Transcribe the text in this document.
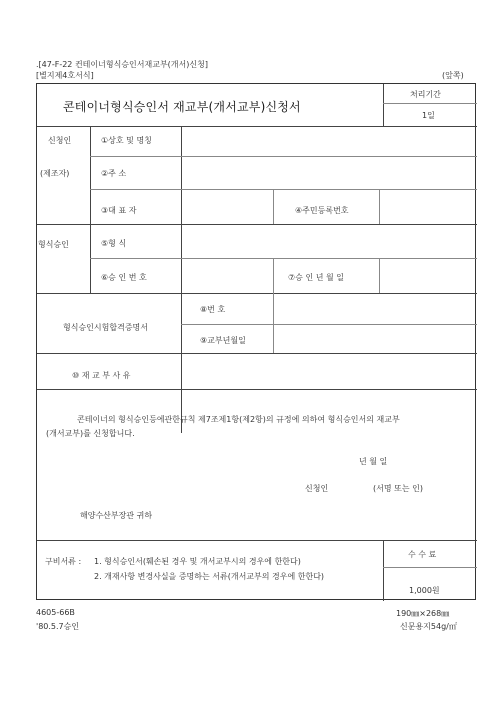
.[47-F-22 컨테이너형식승인서재교부(개서)신청]
[별지제4호서식]	(앞쪽)
콘테이너형식승인서 재교부(개서교부)신청서
처리기간
1일
신청인
(제조자)
형식승인
①상호 및 명칭
②주 소
③대 표 자	④주민등록번호
⑤형 식
⑥승 인 번 호	⑦승 인 년 월 일
형식승인시험합격증명서
⑧번 호
⑨교부년월일
⑩ 재 교 부 사 유
콘테이너의 형식승인등에관한규칙 제7조제1항(제2항)의 규정에 의하여 형식승인서의 재교부
(개서교부)를 신청합니다.
년 월 일
신청인	(서명 또는 인)
해양수산부장관 귀하
구비서류 : 1. 형식승인서(훼손된 경우 및 개서교부시의 경우에 한한다)
2. 개재사항 변경사실을 증명하는 서류(개서교부의 경우에 한한다)
수 수 료
1,000원
4605-66B
'80.5.7승인
190㎜×268㎜
신문용지54g/㎡
